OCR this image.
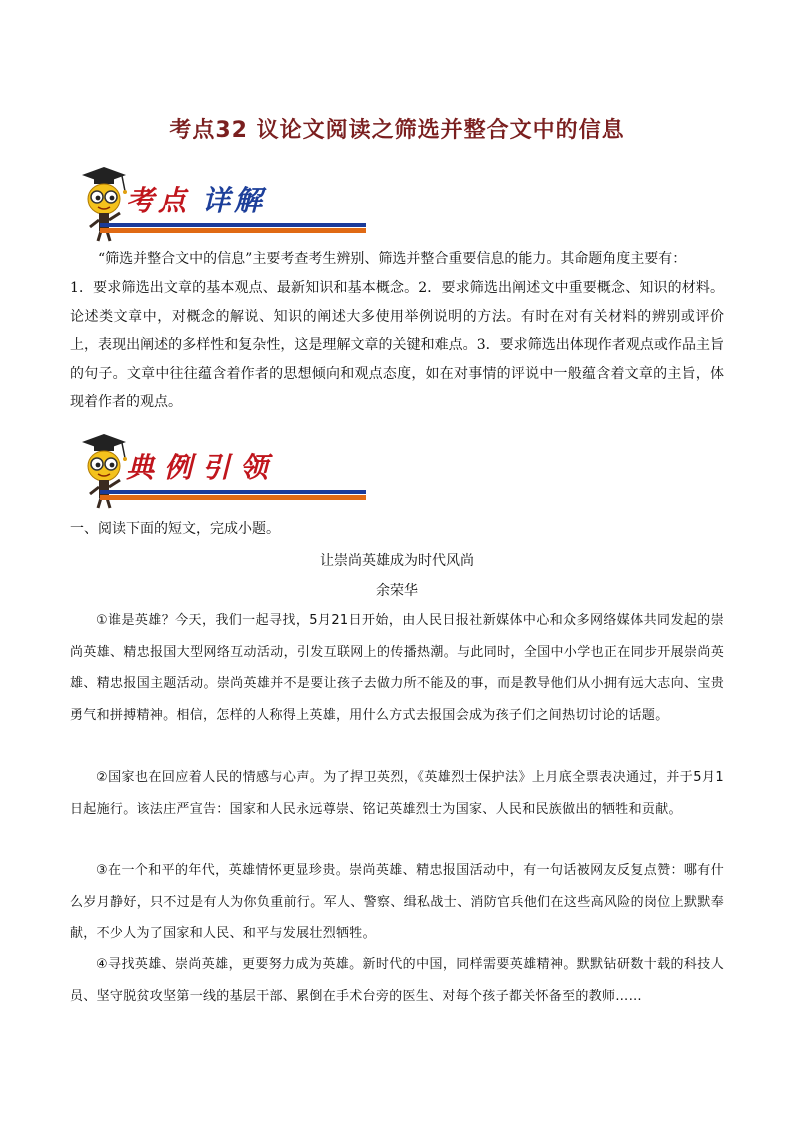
考点32 议论文阅读之筛选并整合文中的信息
考点 详解
“筛选并整合文中的信息”主要考查考生辨别、筛选并整合重要信息的能力。其命题角度主要有：
1．要求筛选出文章的基本观点、最新知识和基本概念。2．要求筛选出阐述文中重要概念、知识的材料。论述类文章中，对概念的解说、知识的阐述大多使用举例说明的方法。有时在对有关材料的辨别或评价上，表现出阐述的多样性和复杂性，这是理解文章的关键和难点。3．要求筛选出体现作者观点或作品主旨的句子。文章中往往蕴含着作者的思想倾向和观点态度，如在对事情的评说中一般蕴含着文章的主旨，体现着作者的观点。
典例引领
一、阅读下面的短文，完成小题。
让崇尚英雄成为时代风尚
余荣华
①谁是英雄？今天，我们一起寻找，5月21日开始，由人民日报社新媒体中心和众多网络媒体共同发起的崇尚英雄、精忠报国大型网络互动活动，引发互联网上的传播热潮。与此同时，全国中小学也正在同步开展崇尚英雄、精忠报国主题活动。崇尚英雄并不是要让孩子去做力所不能及的事，而是教导他们从小拥有远大志向、宝贵勇气和拼搏精神。相信，怎样的人称得上英雄，用什么方式去报国会成为孩子们之间热切讨论的话题。
②国家也在回应着人民的情感与心声。为了捍卫英烈，《英雄烈士保护法》上月底全票表决通过，并于5月1日起施行。该法庄严宣告：国家和人民永远尊崇、铭记英雄烈士为国家、人民和民族做出的牺牲和贡献。
③在一个和平的年代，英雄情怀更显珍贵。崇尚英雄、精忠报国活动中，有一句话被网友反复点赞：哪有什么岁月静好，只不过是有人为你负重前行。军人、警察、缉私战士、消防官兵他们在这些高风险的岗位上默默奉献，不少人为了国家和人民、和平与发展壮烈牺牲。
④寻找英雄、崇尚英雄，更要努力成为英雄。新时代的中国，同样需要英雄精神。默默钻研数十载的科技人员、坚守脱贫攻坚第一线的基层干部、累倒在手术台旁的医生、对每个孩子都关怀备至的教师……
